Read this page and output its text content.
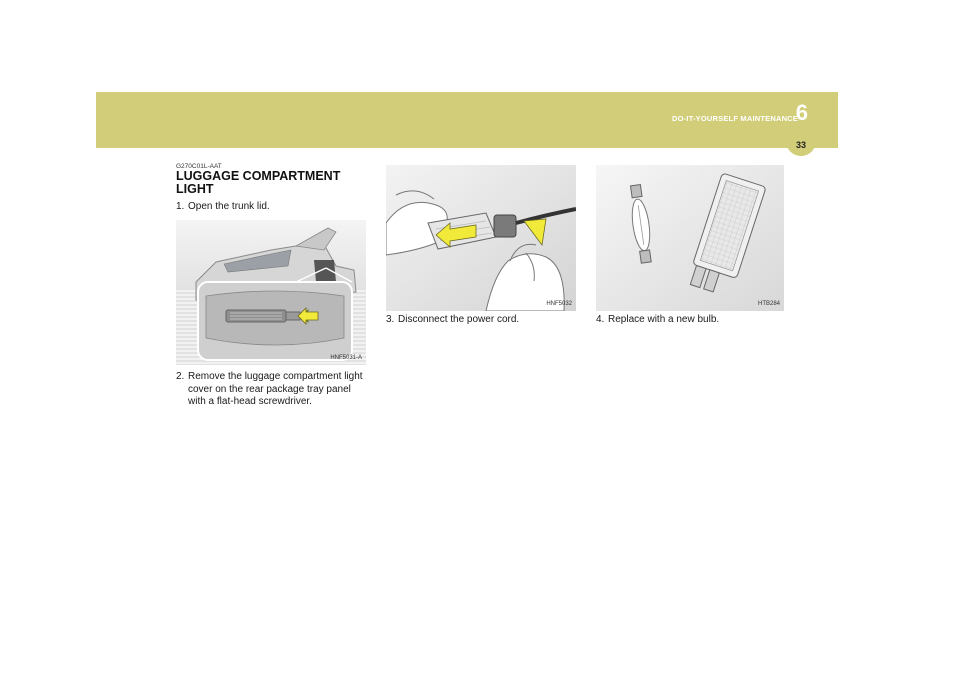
DO-IT-YOURSELF MAINTENANCE
6
33
G270C01L-AAT
LUGGAGE COMPARTMENT LIGHT
1. Open the trunk lid.
HNF5031-A
2. Remove the luggage compartment light cover on the rear package tray panel with a flat-head screwdriver.
HNF5032
3. Disconnect the power cord.
HTB284
4. Replace with a new bulb.
